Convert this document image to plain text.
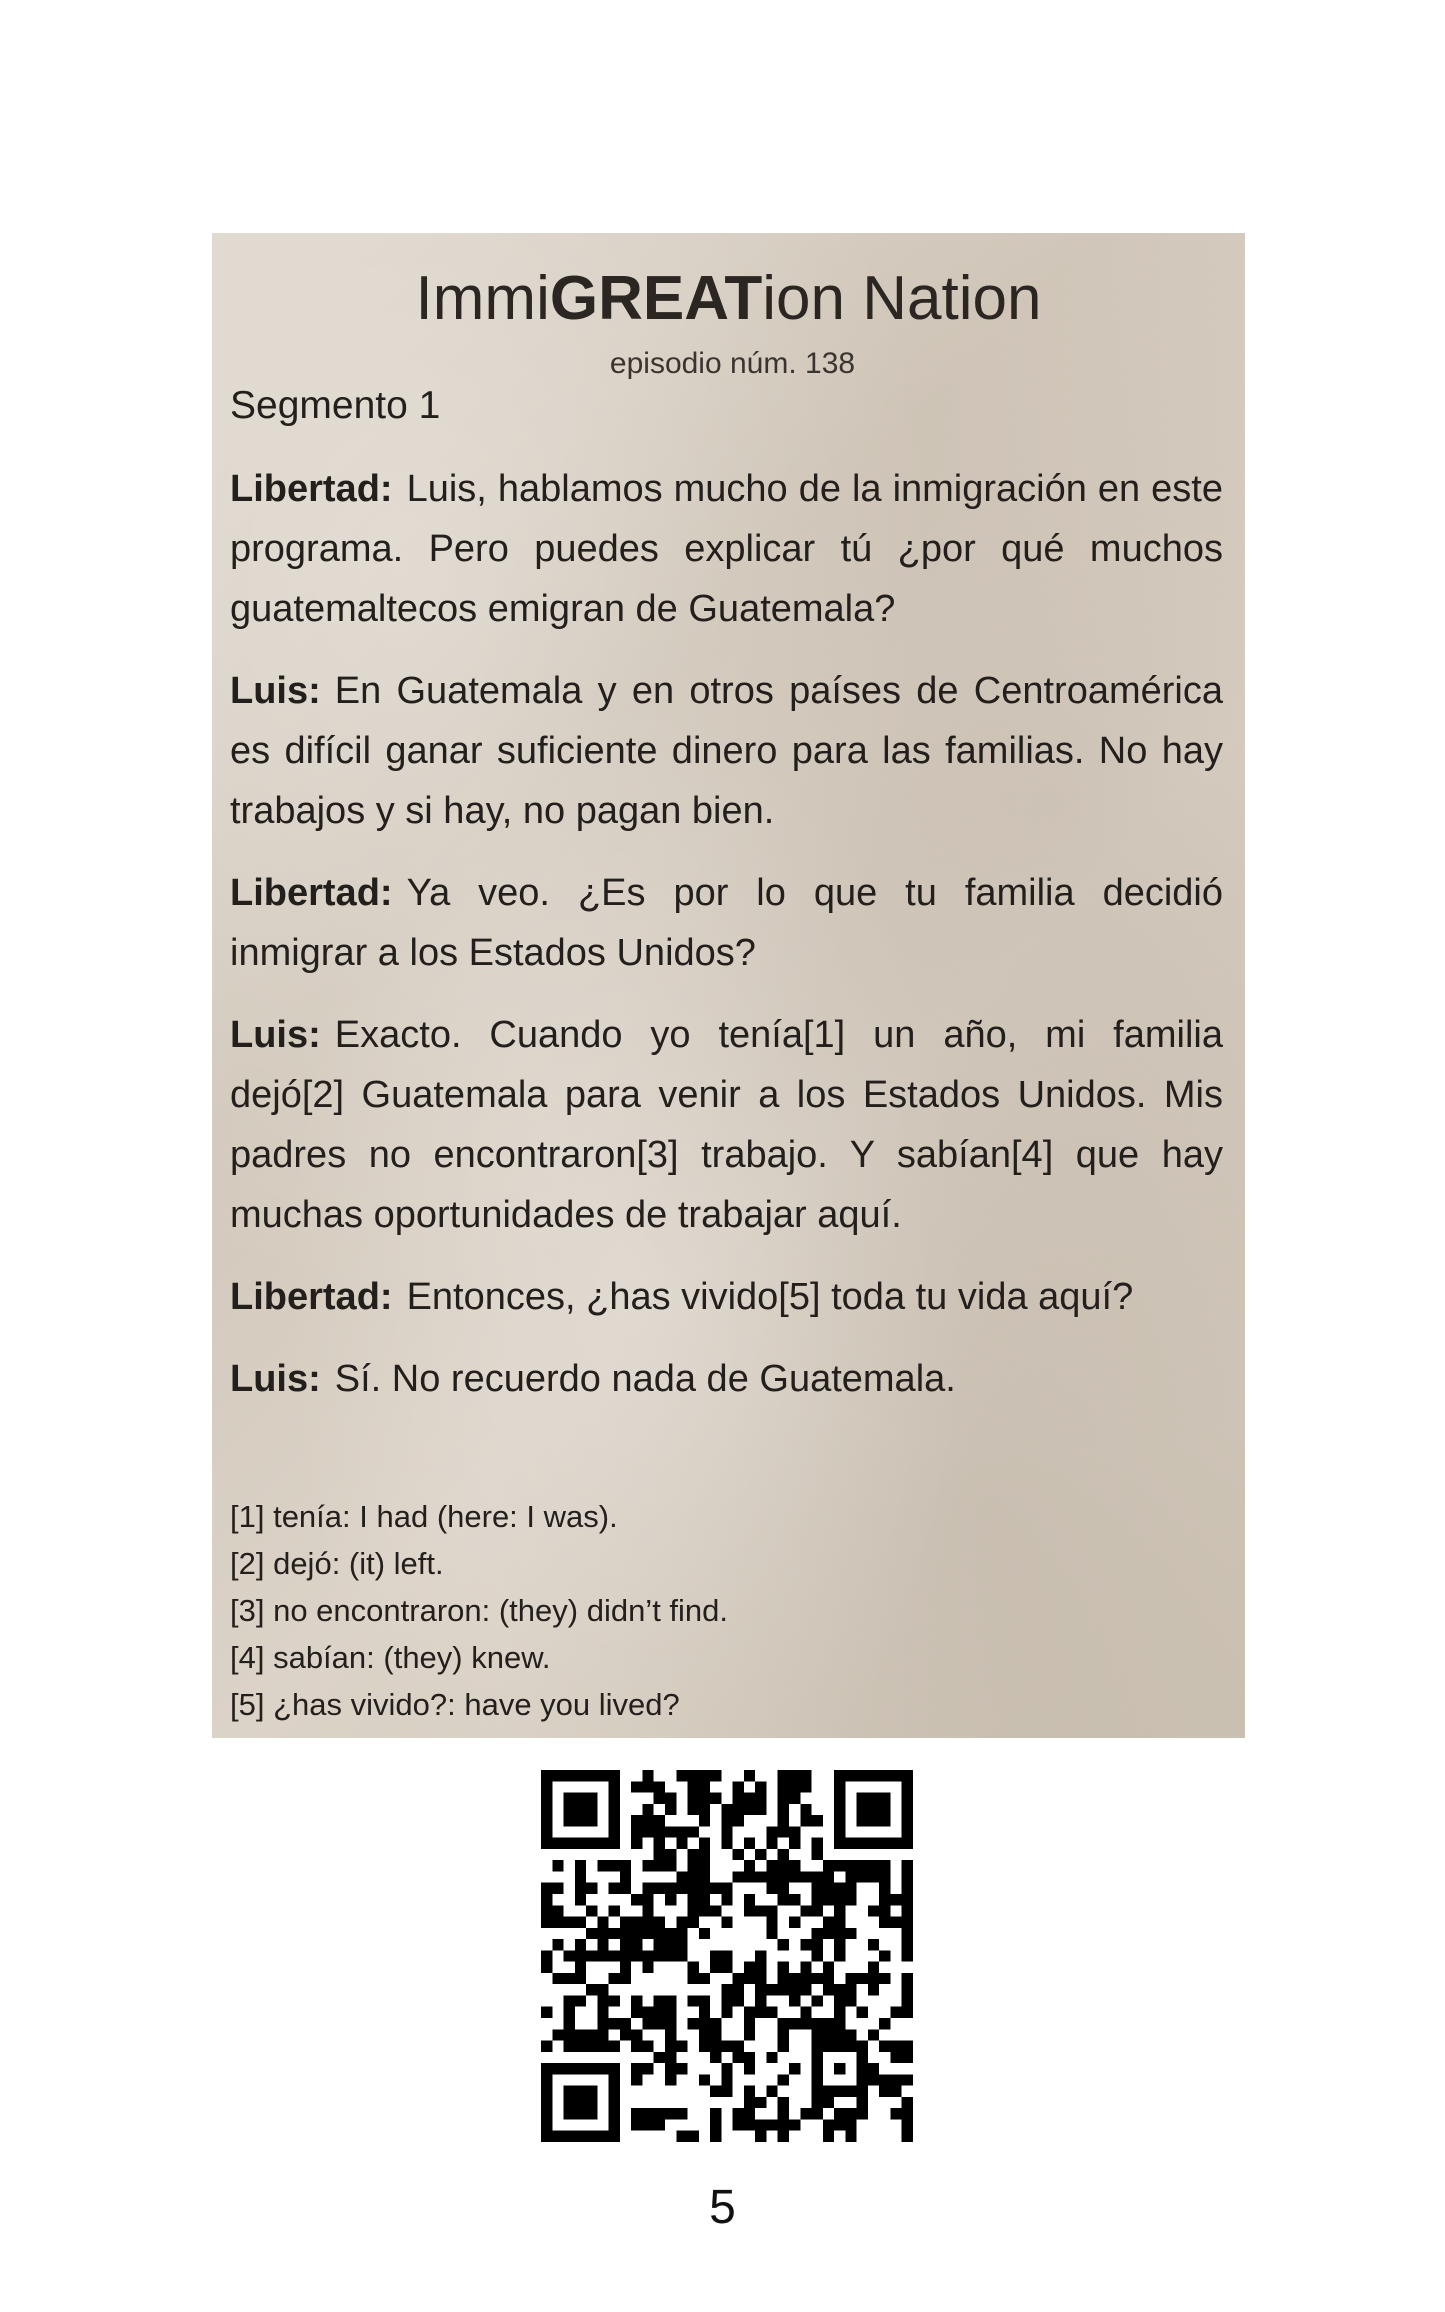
ImmiGREATion Nation
episodio núm. 138
Segmento 1

Libertad: Luis, hablamos mucho de la inmigración en este programa. Pero puedes explicar tú ¿por qué muchos guatemaltecos emigran de Guatemala?

Luis: En Guatemala y en otros países de Centroamérica es difícil ganar suficiente dinero para las familias. No hay trabajos y si hay, no pagan bien.

Libertad: Ya veo. ¿Es por lo que tu familia decidió inmigrar a los Estados Unidos?

Luis: Exacto. Cuando yo tenía[1] un año, mi familia dejó[2] Guatemala para venir a los Estados Unidos. Mis padres no encontraron[3] trabajo. Y sabían[4] que hay muchas oportunidades de trabajar aquí.

Libertad: Entonces, ¿has vivido[5] toda tu vida aquí?

Luis: Sí. No recuerdo nada de Guatemala.

[1] tenía: I had (here: I was).
[2] dejó: (it) left.
[3] no encontraron: (they) didn’t find.
[4] sabían: (they) knew.
[5] ¿has vivido?: have you lived?
5
